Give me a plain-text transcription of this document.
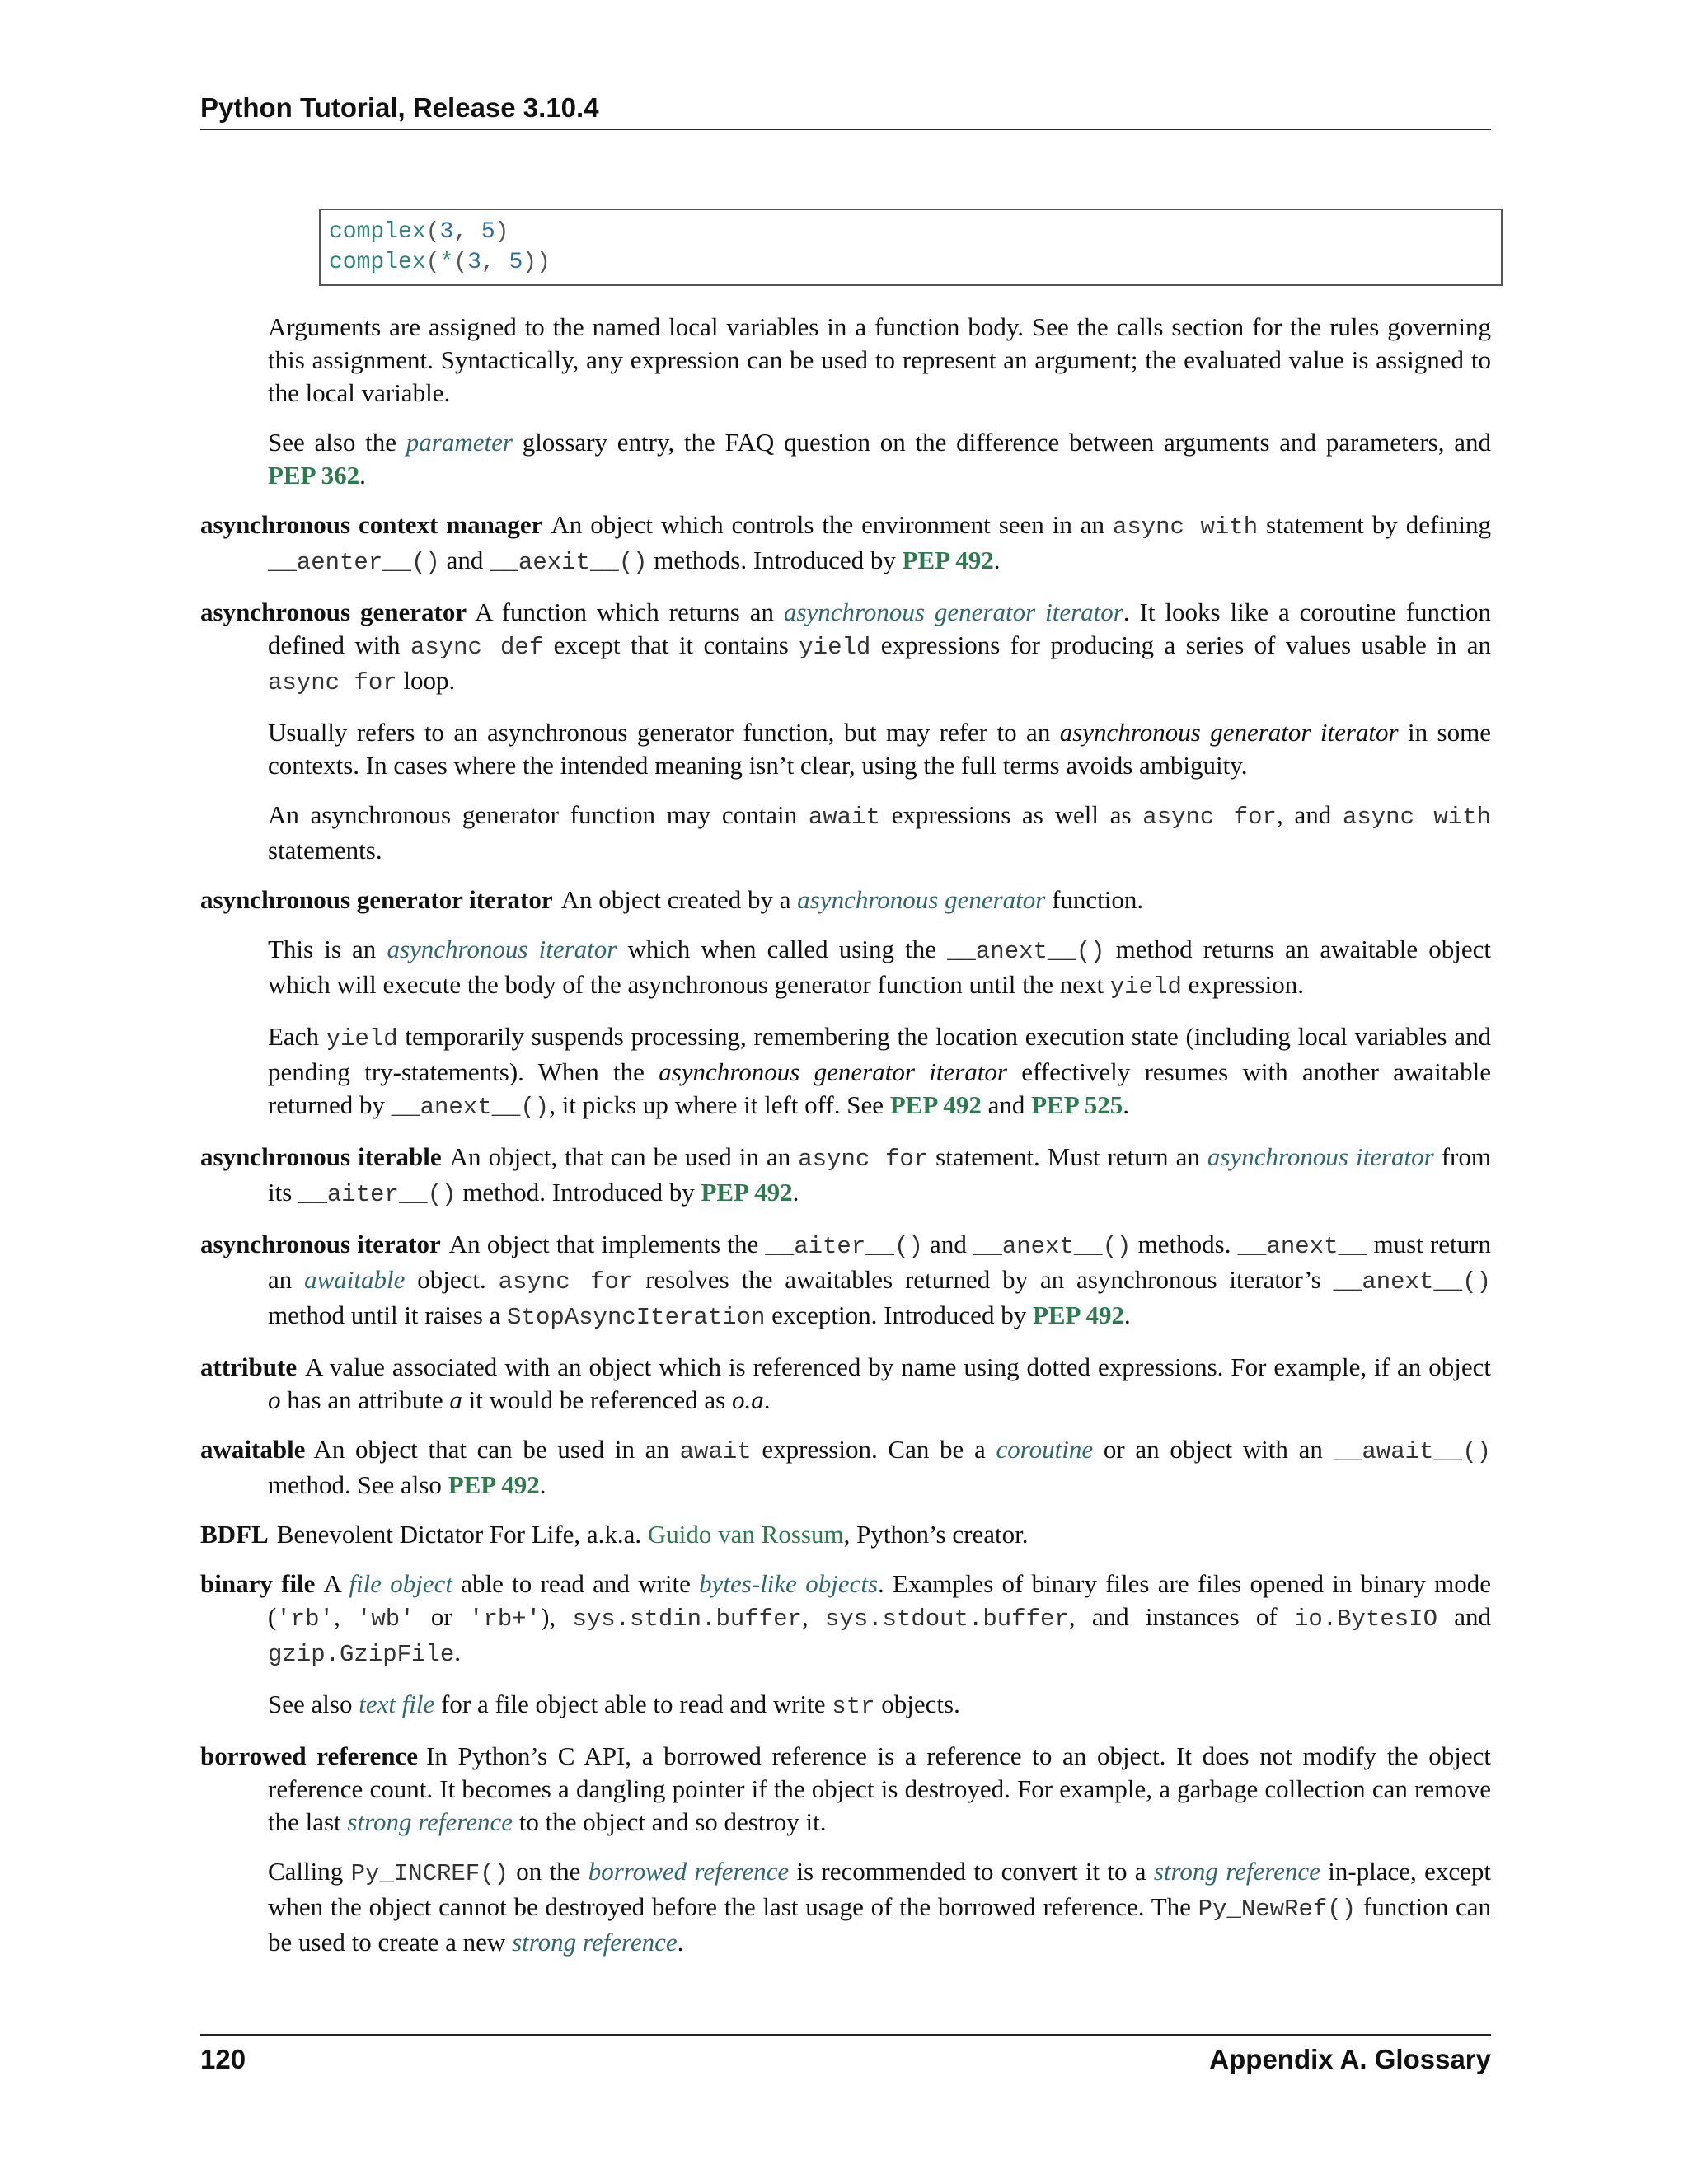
Python Tutorial, Release 3.10.4
complex(3, 5)
complex(*(3, 5))

Arguments are assigned to the named local variables in a function body. See the calls section for the rules governing this assignment. Syntactically, any expression can be used to represent an argument; the evaluated value is assigned to the local variable.

See also the parameter glossary entry, the FAQ question on the difference between arguments and parameters, and PEP 362.

asynchronous context manager An object which controls the environment seen in an async with statement by defining __aenter__() and __aexit__() methods. Introduced by PEP 492.
asynchronous generator A function which returns an asynchronous generator iterator. It looks like a coroutine function defined with async def except that it contains yield expressions for producing a series of values usable in an async for loop.

Usually refers to an asynchronous generator function, but may refer to an asynchronous generator iterator in some contexts. In cases where the intended meaning isn’t clear, using the full terms avoids ambiguity.

An asynchronous generator function may contain await expressions as well as async for, and async with statements.

asynchronous generator iterator An object created by a asynchronous generator function.

This is an asynchronous iterator which when called using the __anext__() method returns an awaitable object which will execute the body of the asynchronous generator function until the next yield expression.

Each yield temporarily suspends processing, remembering the location execution state (including local variables and pending try-statements). When the asynchronous generator iterator effectively resumes with another awaitable returned by __anext__(), it picks up where it left off. See PEP 492 and PEP 525.

asynchronous iterable An object, that can be used in an async for statement. Must return an asynchronous iterator from its __aiter__() method. Introduced by PEP 492.
asynchronous iterator An object that implements the __aiter__() and __anext__() methods. __anext__ must return an awaitable object. async for resolves the awaitables returned by an asynchronous iterator’s __anext__() method until it raises a StopAsyncIteration exception. Introduced by PEP 492.
attribute A value associated with an object which is referenced by name using dotted expressions. For example, if an object o has an attribute a it would be referenced as o.a.
awaitable An object that can be used in an await expression. Can be a coroutine or an object with an __await__() method. See also PEP 492.
BDFL Benevolent Dictator For Life, a.k.a. Guido van Rossum, Python’s creator.
binary file A file object able to read and write bytes-like objects. Examples of binary files are files opened in binary mode ('rb', 'wb' or 'rb+'), sys.stdin.buffer, sys.stdout.buffer, and instances of io.BytesIO and gzip.GzipFile.

See also text file for a file object able to read and write str objects.

borrowed reference In Python’s C API, a borrowed reference is a reference to an object. It does not modify the object reference count. It becomes a dangling pointer if the object is destroyed. For example, a garbage collection can remove the last strong reference to the object and so destroy it.

Calling Py_INCREF() on the borrowed reference is recommended to convert it to a strong reference in-place, except when the object cannot be destroyed before the last usage of the borrowed reference. The Py_NewRef() function can be used to create a new strong reference.

120	Appendix A. Glossary
